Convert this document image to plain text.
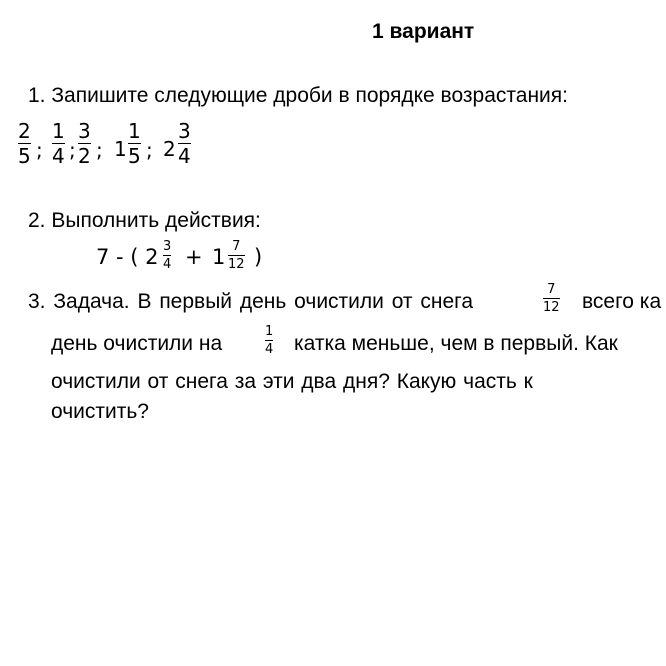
1 вариант
1. Запишите следующие дроби в порядке возрастания:
2
5 ;
1
4 ;
3
2 ; 1
1
5 ; 2
3
4
2. Выполнить действия:
7 - ( 2 3
4 + 1 7
12 )
3. Задача. В первый день очистили от снега
7
12 всего ка
день очистили на
1
4 катка меньше, чем в первый. Как
очистили от снега за эти два дня? Какую часть к
очистить?
